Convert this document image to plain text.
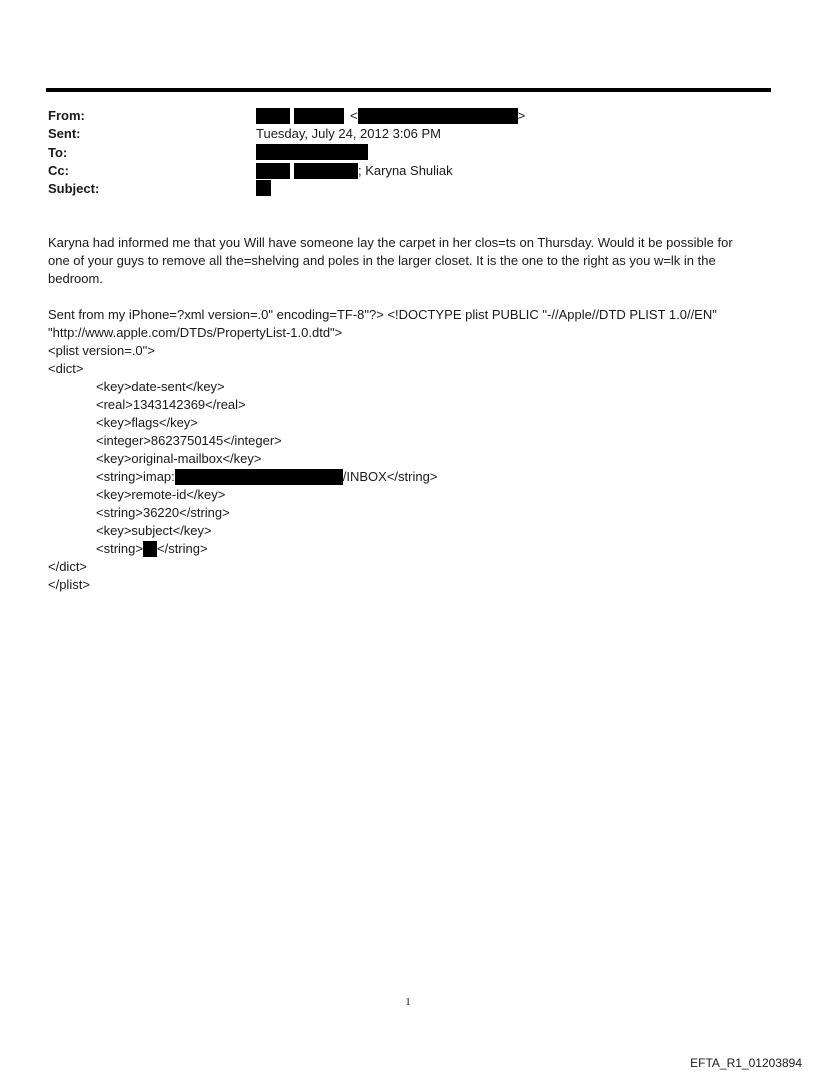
From:
Sent:
To:
Cc:
Subject:
<	>
Tuesday, July 24, 2012 3:06 PM
; Karyna Shuliak
Karyna had informed me that you Will have someone lay the carpet in her clos=ts on Thursday. Would it be possible for
one of your guys to remove all the=shelving and poles in the larger closet. It is the one to the right as you w=lk in the
bedroom.
Sent from my iPhone=?xml version=.0" encoding=TF-8"?> <!DOCTYPE plist PUBLIC "-//Apple//DTD PLIST 1.0//EN"
"http://www.apple.com/DTDs/PropertyList-1.0.dtd">
<plist version=.0">
<dict>
<key>date-sent</key>
<real>1343142369</real>
<key>flags</key>
<integer>8623750145</integer>
<key>original-mailbox</key>
<string>imap:	/INBOX</string>
<key>remote-id</key>
<string>36220</string>
<key>subject</key>
<string> </string>
</dict>
</plist>
1
EFTA_R1_01203894
